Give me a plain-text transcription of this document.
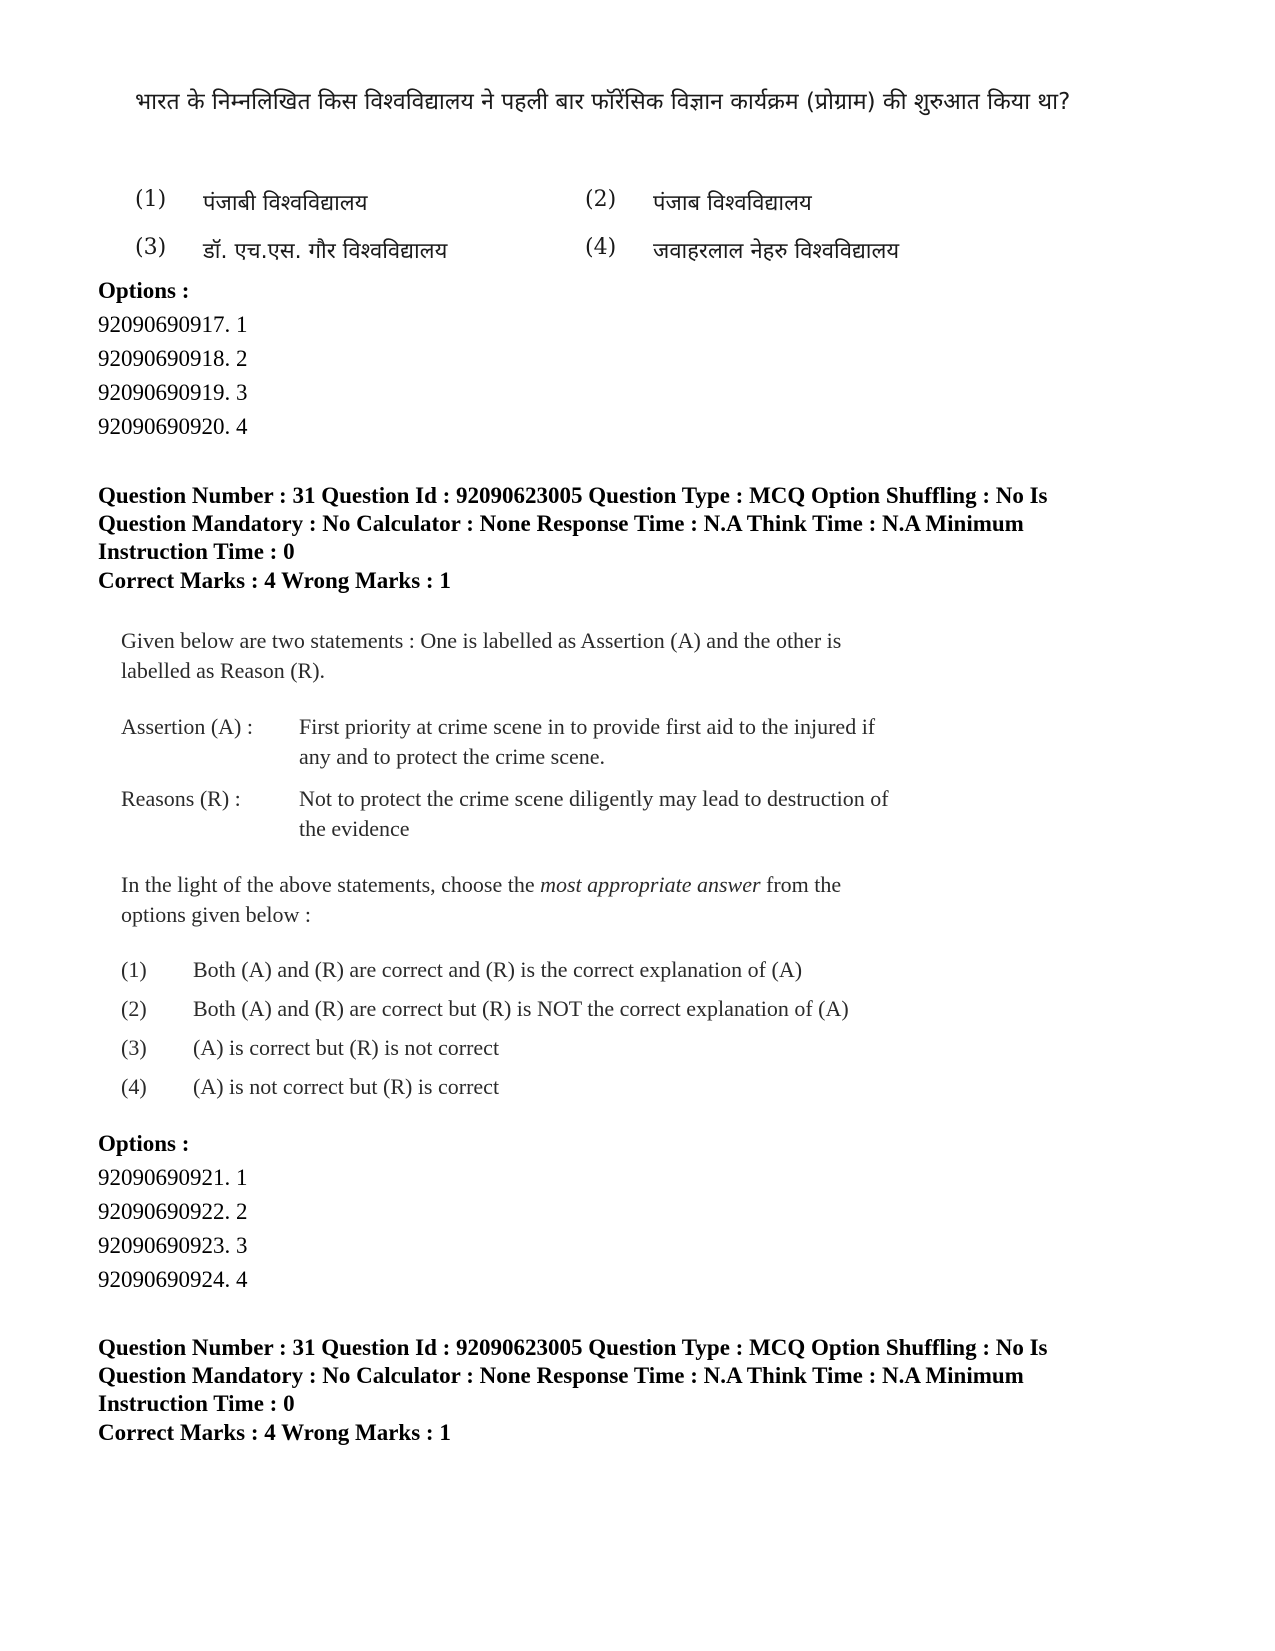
भारत के निम्नलिखित किस विश्वविद्यालय ने पहली बार फॉरेंसिक विज्ञान कार्यक्रम (प्रोग्राम) की शुरुआत किया था?
(1)	पंजाबी विश्वविद्यालय	(2)	पंजाब विश्वविद्यालय
(3)	डॉ. एच.एस. गौर विश्वविद्यालय	(4)	जवाहरलाल नेहरु विश्वविद्यालय
Options :
92090690917. 1
92090690918. 2
92090690919. 3
92090690920. 4
Question Number : 31 Question Id : 92090623005 Question Type : MCQ Option Shuffling : No Is
Question Mandatory : No Calculator : None Response Time : N.A Think Time : N.A Minimum
Instruction Time : 0
Correct Marks : 4 Wrong Marks : 1

Given below are two statements : One is labelled as Assertion (A) and the other is

labelled as Reason (R).

Assertion (A) :	First priority at crime scene in to provide first aid to the injured if

any and to protect the crime scene.

Reasons (R) :	Not to protect the crime scene diligently may lead to destruction of

the evidence

In the light of the above statements, choose the most appropriate answer from the

options given below :

(1)	Both (A) and (R) are correct and (R) is the correct explanation of (A)
(2)	Both (A) and (R) are correct but (R) is NOT the correct explanation of (A)
(3)	(A) is correct but (R) is not correct
(4)	(A) is not correct but (R) is correct
Options :
92090690921. 1
92090690922. 2
92090690923. 3
92090690924. 4
Question Number : 31 Question Id : 92090623005 Question Type : MCQ Option Shuffling : No Is
Question Mandatory : No Calculator : None Response Time : N.A Think Time : N.A Minimum
Instruction Time : 0
Correct Marks : 4 Wrong Marks : 1
